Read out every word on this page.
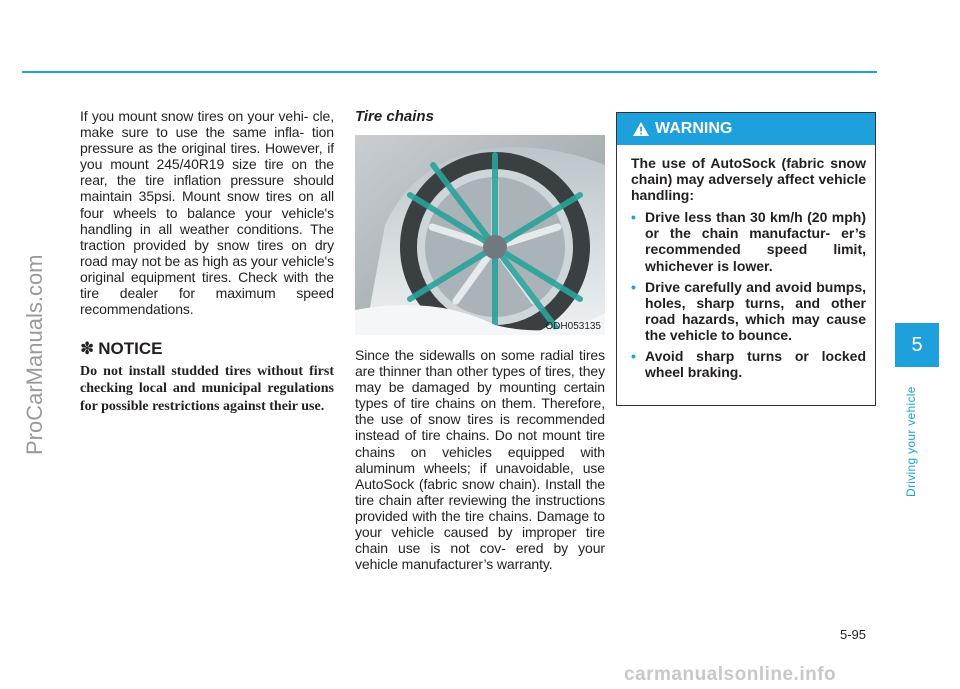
ProCarManuals.com

If you mount snow tires on your vehi- cle, make sure to use the same infla- tion pressure as the original tires. However, if you mount 245/40R19 size tire on the rear, the tire inflation pressure should maintain 35psi. Mount snow tires on all four wheels to balance your vehicle's handling in all weather conditions. The traction provided by snow tires on dry road may not be as high as your vehicle's original equipment tires. Check with the tire dealer for maximum speed recommendations.

✽ NOTICE

Do not install studded tires without first checking local and municipal regulations for possible restrictions against their use.

Tire chains
ODH053135

Since the sidewalls on some radial tires are thinner than other types of tires, they may be damaged by mounting certain types of tire chains on them. Therefore, the use of snow tires is recommended instead of tire chains. Do not mount tire chains on vehicles equipped with aluminum wheels; if unavoidable, use AutoSock (fabric snow chain). Install the tire chain after reviewing the instructions provided with the tire chains. Damage to your vehicle caused by improper tire chain use is not cov- ered by your vehicle manufacturer’s warranty.

WARNING

The use of AutoSock (fabric snow chain) may adversely affect vehicle handling:

• Drive less than 30 km/h (20 mph) or the chain manufactur- er’s recommended speed limit, whichever is lower.
• Drive carefully and avoid bumps, holes, sharp turns, and other road hazards, which may cause the vehicle to bounce.
• Avoid sharp turns or locked wheel braking.
5
Driving your vehicle
5-95
carmanualsonline.info
